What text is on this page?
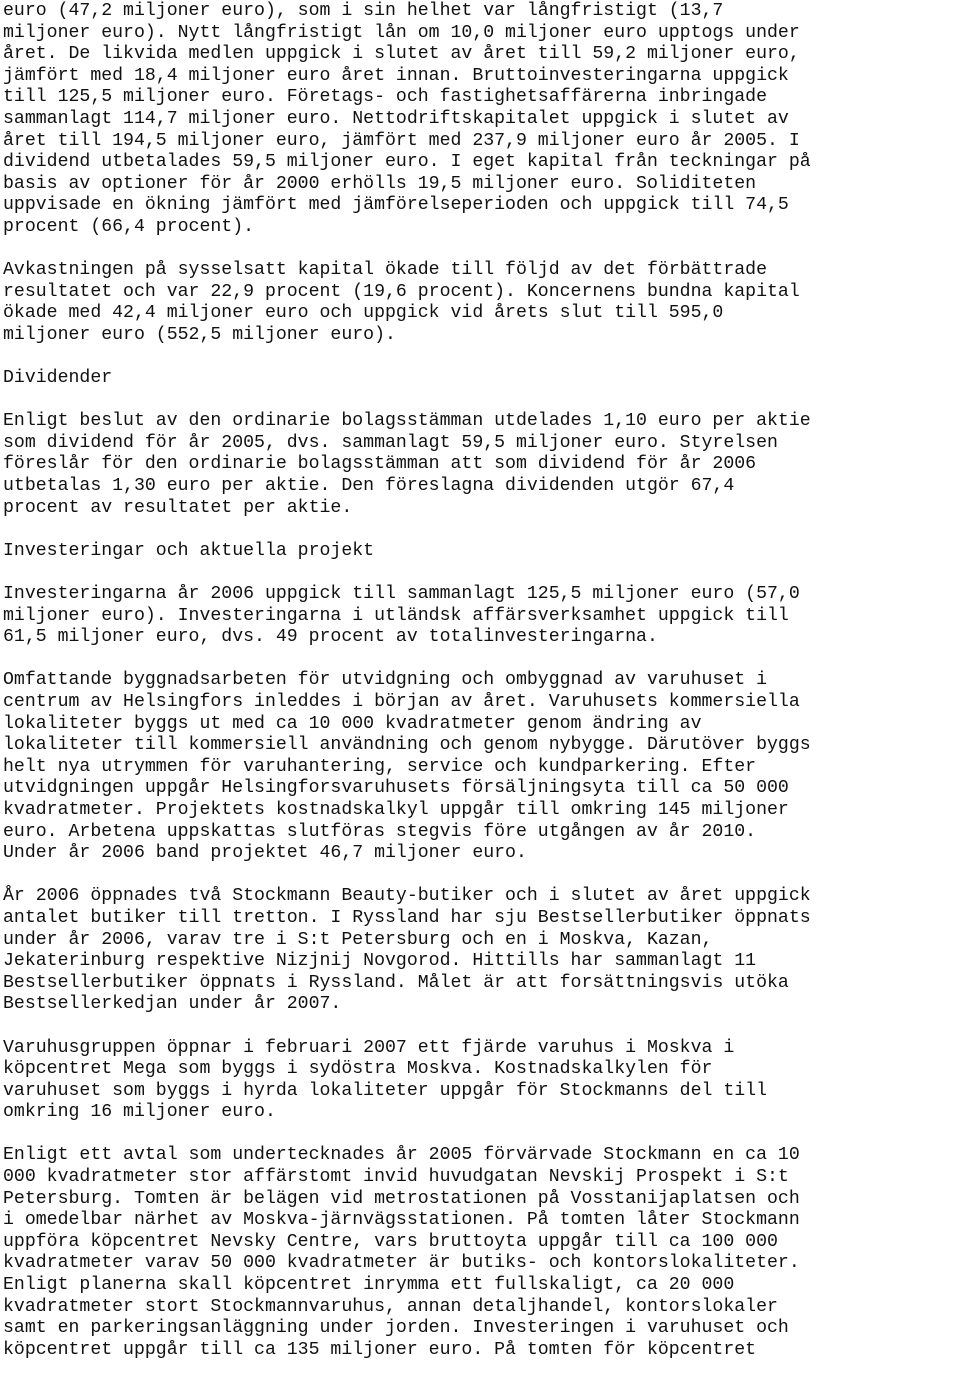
euro (47,2 miljoner euro), som i sin helhet var långfristigt (13,7
miljoner euro). Nytt långfristigt lån om 10,0 miljoner euro upptogs under
året. De likvida medlen uppgick i slutet av året till 59,2 miljoner euro,
jämfört med 18,4 miljoner euro året innan. Bruttoinvesteringarna uppgick
till 125,5 miljoner euro. Företags- och fastighetsaffärerna inbringade
sammanlagt 114,7 miljoner euro. Nettodriftskapitalet uppgick i slutet av
året till 194,5 miljoner euro, jämfört med 237,9 miljoner euro år 2005. I
dividend utbetalades 59,5 miljoner euro. I eget kapital från teckningar på
basis av optioner för år 2000 erhölls 19,5 miljoner euro. Soliditeten
uppvisade en ökning jämfört med jämförelseperioden och uppgick till 74,5
procent (66,4 procent).
Avkastningen på sysselsatt kapital ökade till följd av det förbättrade
resultatet och var 22,9 procent (19,6 procent). Koncernens bundna kapital
ökade med 42,4 miljoner euro och uppgick vid årets slut till 595,0
miljoner euro (552,5 miljoner euro).
Dividender
Enligt beslut av den ordinarie bolagsstämman utdelades 1,10 euro per aktie
som dividend för år 2005, dvs. sammanlagt 59,5 miljoner euro. Styrelsen
föreslår för den ordinarie bolagsstämman att som dividend för år 2006
utbetalas 1,30 euro per aktie. Den föreslagna dividenden utgör 67,4
procent av resultatet per aktie.
Investeringar och aktuella projekt
Investeringarna år 2006 uppgick till sammanlagt 125,5 miljoner euro (57,0
miljoner euro). Investeringarna i utländsk affärsverksamhet uppgick till
61,5 miljoner euro, dvs. 49 procent av totalinvesteringarna.
Omfattande byggnadsarbeten för utvidgning och ombyggnad av varuhuset i
centrum av Helsingfors inleddes i början av året. Varuhusets kommersiella
lokaliteter byggs ut med ca 10 000 kvadratmeter genom ändring av
lokaliteter till kommersiell användning och genom nybygge. Därutöver byggs
helt nya utrymmen för varuhantering, service och kundparkering. Efter
utvidgningen uppgår Helsingforsvaruhusets försäljningsyta till ca 50 000
kvadratmeter. Projektets kostnadskalkyl uppgår till omkring 145 miljoner
euro. Arbetena uppskattas slutföras stegvis före utgången av år 2010.
Under år 2006 band projektet 46,7 miljoner euro.
År 2006 öppnades två Stockmann Beauty-butiker och i slutet av året uppgick
antalet butiker till tretton. I Ryssland har sju Bestsellerbutiker öppnats
under år 2006, varav tre i S:t Petersburg och en i Moskva, Kazan,
Jekaterinburg respektive Nizjnij Novgorod. Hittills har sammanlagt 11
Bestsellerbutiker öppnats i Ryssland. Målet är att forsättningsvis utöka
Bestsellerkedjan under år 2007.
Varuhusgruppen öppnar i februari 2007 ett fjärde varuhus i Moskva i
köpcentret Mega som byggs i sydöstra Moskva. Kostnadskalkylen för
varuhuset som byggs i hyrda lokaliteter uppgår för Stockmanns del till
omkring 16 miljoner euro.
Enligt ett avtal som undertecknades år 2005 förvärvade Stockmann en ca 10
000 kvadratmeter stor affärstomt invid huvudgatan Nevskij Prospekt i S:t
Petersburg. Tomten är belägen vid metrostationen på Vosstanijaplatsen och
i omedelbar närhet av Moskva-järnvägsstationen. På tomten låter Stockmann
uppföra köpcentret Nevsky Centre, vars bruttoyta uppgår till ca 100 000
kvadratmeter varav 50 000 kvadratmeter är butiks- och kontorslokaliteter.
Enligt planerna skall köpcentret inrymma ett fullskaligt, ca 20 000
kvadratmeter stort Stockmannvaruhus, annan detaljhandel, kontorslokaler
samt en parkeringsanläggning under jorden. Investeringen i varuhuset och
köpcentret uppgår till ca 135 miljoner euro. På tomten för köpcentret
